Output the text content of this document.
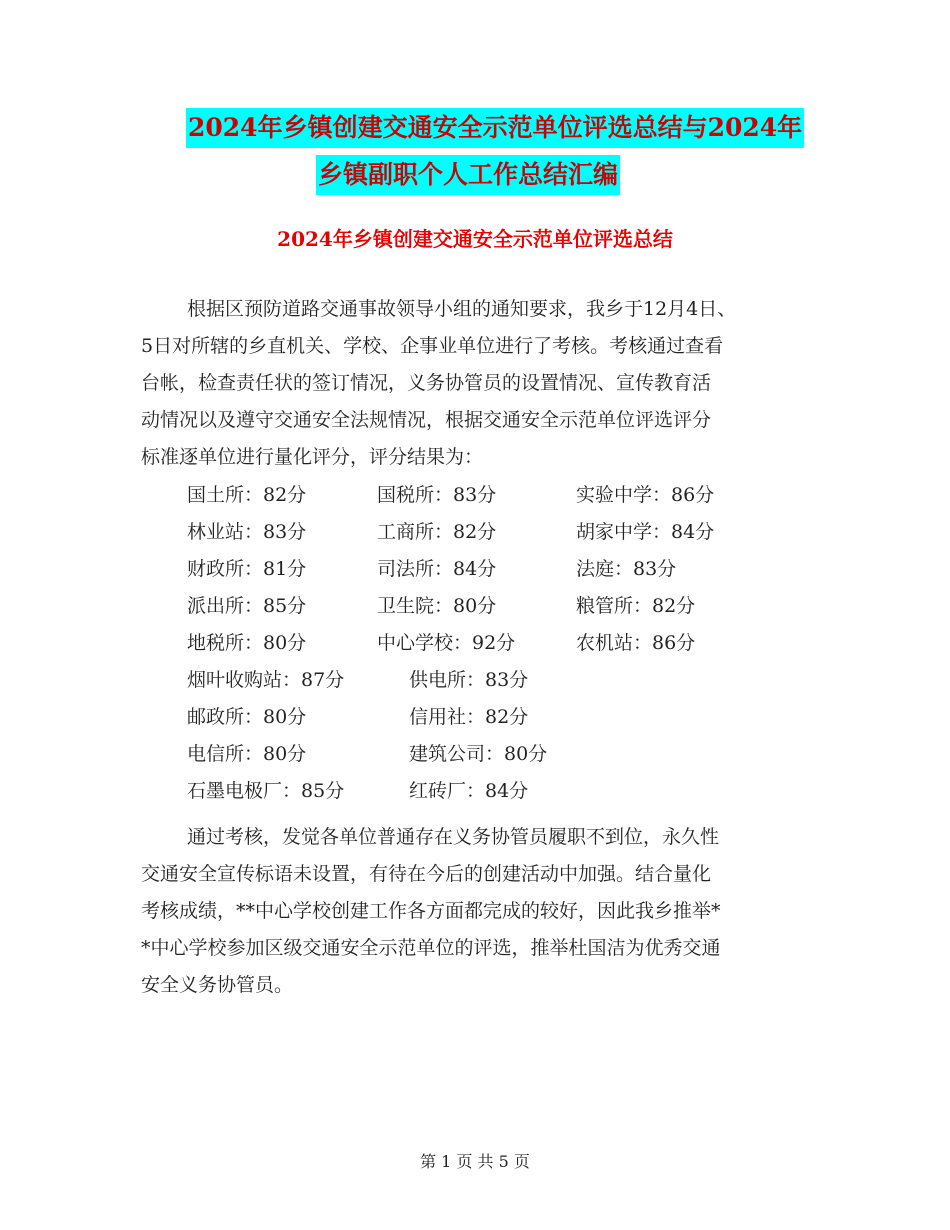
2024年乡镇创建交通安全示范单位评选总结与2024年
乡镇副职个人工作总结汇编
2024年乡镇创建交通安全示范单位评选总结
根据区预防道路交通事故领导小组的通知要求，我乡于12月4日、
5日对所辖的乡直机关、学校、企事业单位进行了考核。考核通过查看
台帐，检查责任状的签订情况，义务协管员的设置情况、宣传教育活
动情况以及遵守交通安全法规情况，根据交通安全示范单位评选评分
标准逐单位进行量化评分，评分结果为：
国土所：82分	国税所：83分	实验中学：86分
林业站：83分	工商所：82分	胡家中学：84分
财政所：81分	司法所：84分	法庭：83分
派出所：85分	卫生院：80分	粮管所：82分
地税所：80分	中心学校：92分	农机站：86分
烟叶收购站：87分	供电所：83分
邮政所：80分	信用社：82分
电信所：80分	建筑公司：80分
石墨电极厂：85分	红砖厂：84分
通过考核，发觉各单位普通存在义务协管员履职不到位，永久性
交通安全宣传标语未设置，有待在今后的创建活动中加强。结合量化
考核成绩，**中心学校创建工作各方面都完成的较好，因此我乡推举*
*中心学校参加区级交通安全示范单位的评选，推举杜国洁为优秀交通
安全义务协管员。
第 1 页 共 5 页
